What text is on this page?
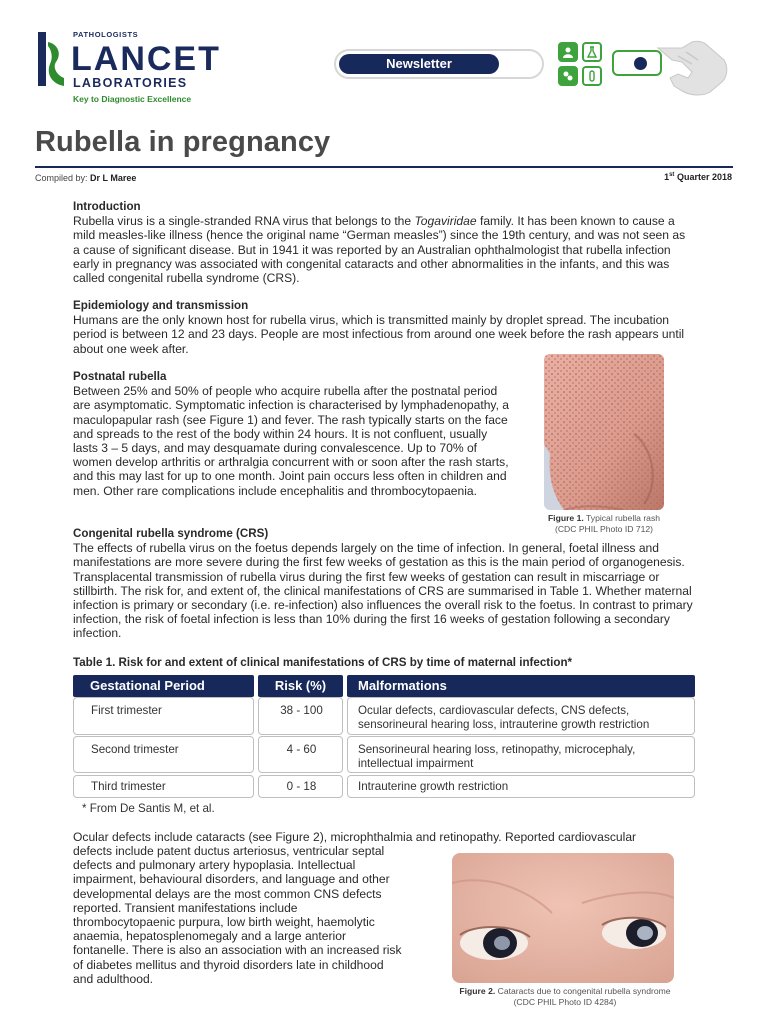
PATHOLOGISTS
LANCET
LABORATORIES
Key to Diagnostic Excellence
Newsletter
Rubella in pregnancy
Compiled by: Dr L Maree	1st Quarter 2018
Introduction

Rubella virus is a single-stranded RNA virus that belongs to the Togaviridae family. It has been known to cause a mild measles-like illness (hence the original name “German measles”) since the 19th century, and was not seen as a cause of significant disease. But in 1941 it was reported by an Australian ophthalmologist that rubella infection early in pregnancy was associated with congenital cataracts and other abnormalities in the infants, and this was called congenital rubella syndrome (CRS).

Epidemiology and transmission

Humans are the only known host for rubella virus, which is transmitted mainly by droplet spread. The incubation period is between 12 and 23 days. People are most infectious from around one week before the rash appears until about one week after.

Postnatal rubella

Between 25% and 50% of people who acquire rubella after the postnatal period are asymptomatic. Symptomatic infection is characterised by lymphadenopathy, a maculopapular rash (see Figure 1) and fever. The rash typically starts on the face and spreads to the rest of the body within 24 hours. It is not confluent, usually lasts 3 – 5 days, and may desquamate during convalescence. Up to 70% of women develop arthritis or arthralgia concurrent with or soon after the rash starts, and this may last for up to one month. Joint pain occurs less often in children and men. Other rare complications include encephalitis and thrombocytopaenia.

Figure 1. Typical rubella rash
(CDC PHIL Photo ID 712)
Congenital rubella syndrome (CRS)

The effects of rubella virus on the foetus depends largely on the time of infection. In general, foetal illness and manifestations are more severe during the first few weeks of gestation as this is the main period of organogenesis. Transplacental transmission of rubella virus during the first few weeks of gestation can result in miscarriage or stillbirth. The risk for, and extent of, the clinical manifestations of CRS are summarised in Table 1. Whether maternal infection is primary or secondary (i.e. re-infection) also influences the overall risk to the foetus. In contrast to primary infection, the risk of foetal infection is less than 10% during the first 16 weeks of gestation following a secondary infection.

Table 1. Risk for and extent of clinical manifestations of CRS by time of maternal infection*
Gestational Period	Risk (%)	Malformations
First trimester	38 - 100	Ocular defects, cardiovascular defects, CNS defects, sensorineural hearing loss, intrauterine growth restriction
Second trimester	4 - 60	Sensorineural hearing loss, retinopathy, microcephaly, intellectual impairment
Third trimester	0 - 18	Intrauterine growth restriction
* From De Santis M, et al.
Ocular defects include cataracts (see Figure 2), microphthalmia and retinopathy. Reported cardiovascular
defects include patent ductus arteriosus, ventricular septal defects and pulmonary artery hypoplasia. Intellectual impairment, behavioural disorders, and language and other developmental delays are the most common CNS defects reported. Transient manifestations include thrombocytopaenic purpura, low birth weight, haemolytic anaemia, hepatosplenomegaly and a large anterior fontanelle. There is also an association with an increased risk of diabetes mellitus and thyroid disorders late in childhood and adulthood.
Figure 2. Cataracts due to congenital rubella syndrome
(CDC PHIL Photo ID 4284)
